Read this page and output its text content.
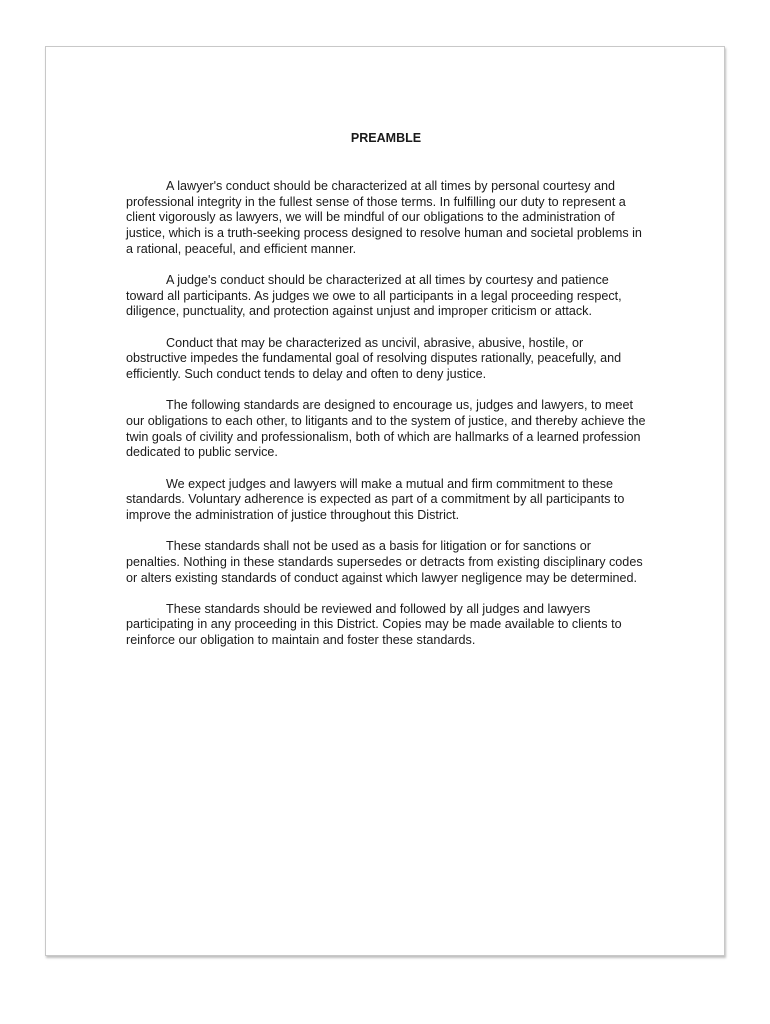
PREAMBLE

A lawyer's conduct should be characterized at all times by personal courtesy and professional integrity in the fullest sense of those terms. In fulfilling our duty to represent a client vigorously as lawyers, we will be mindful of our obligations to the administration of justice, which is a truth-seeking process designed to resolve human and societal problems in a rational, peaceful, and efficient manner.

A judge's conduct should be characterized at all times by courtesy and patience toward all participants. As judges we owe to all participants in a legal proceeding respect, diligence, punctuality, and protection against unjust and improper criticism or attack.

Conduct that may be characterized as uncivil, abrasive, abusive, hostile, or obstructive impedes the fundamental goal of resolving disputes rationally, peacefully, and efficiently. Such conduct tends to delay and often to deny justice.

The following standards are designed to encourage us, judges and lawyers, to meet our obligations to each other, to litigants and to the system of justice, and thereby achieve the twin goals of civility and professionalism, both of which are hallmarks of a learned profession dedicated to public service.

We expect judges and lawyers will make a mutual and firm commitment to these standards. Voluntary adherence is expected as part of a commitment by all participants to improve the administration of justice throughout this District.

These standards shall not be used as a basis for litigation or for sanctions or penalties. Nothing in these standards supersedes or detracts from existing disciplinary codes or alters existing standards of conduct against which lawyer negligence may be determined.

These standards should be reviewed and followed by all judges and lawyers participating in any proceeding in this District. Copies may be made available to clients to reinforce our obligation to maintain and foster these standards.
